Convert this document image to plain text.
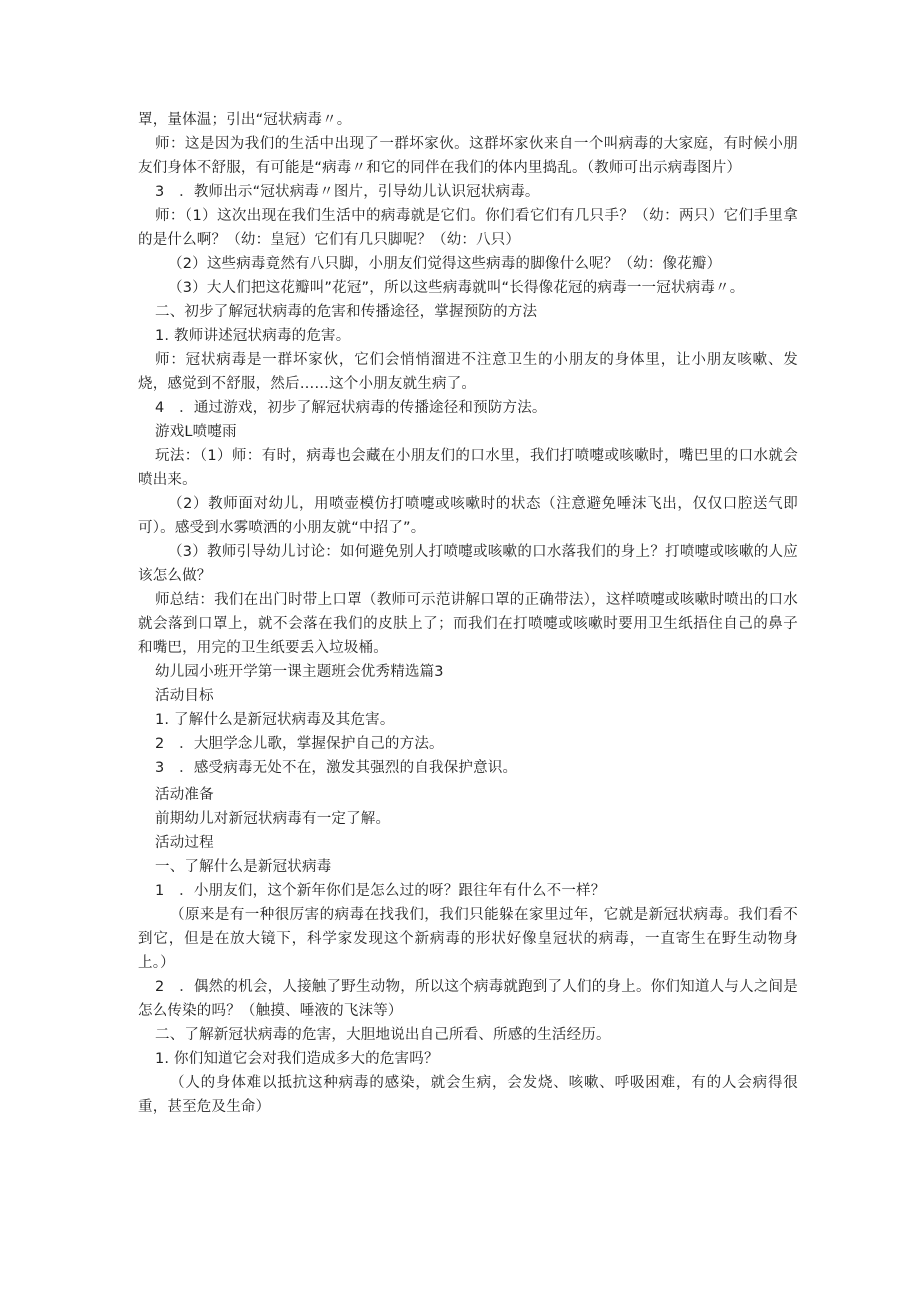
罩，量体温；引出“冠状病毒〃。

师：这是因为我们的生活中出现了一群坏家伙。这群坏家伙来自一个叫病毒的大家庭，有时候小朋友们身体不舒服，有可能是“病毒〃和它的同伴在我们的体内里捣乱。（教师可出示病毒图片）

3　．教师出示“冠状病毒〃图片，引导幼儿认识冠状病毒。

师：（1）这次出现在我们生活中的病毒就是它们。你们看它们有几只手？（幼：两只）它们手里拿的是什么啊？（幼：皇冠）它们有几只脚呢？（幼：八只）

（2）这些病毒竟然有八只脚，小朋友们觉得这些病毒的脚像什么呢？（幼：像花瓣）

（3）大人们把这花瓣叫”花冠”，所以这些病毒就叫“长得像花冠的病毒一一冠状病毒〃。

二、初步了解冠状病毒的危害和传播途径，掌握预防的方法

1. 教师讲述冠状病毒的危害。

师：冠状病毒是一群坏家伙，它们会悄悄溜进不注意卫生的小朋友的身体里，让小朋友咳嗽、发烧，感觉到不舒服，然后……这个小朋友就生病了。

4　．通过游戏，初步了解冠状病毒的传播途径和预防方法。

游戏L喷嚏雨

玩法：（1）师：有时，病毒也会藏在小朋友们的口水里，我们打喷嚏或咳嗽时，嘴巴里的口水就会喷出来。

（2）教师面对幼儿，用喷壶模仿打喷嚏或咳嗽时的状态（注意避免唾沫飞出，仅仅口腔送气即可）。感受到水雾喷洒的小朋友就“中招了”。

（3）教师引导幼儿讨论：如何避免别人打喷嚏或咳嗽的口水落我们的身上？打喷嚏或咳嗽的人应该怎么做？

师总结：我们在出门时带上口罩（教师可示范讲解口罩的正确带法），这样喷嚏或咳嗽时喷出的口水就会落到口罩上，就不会落在我们的皮肤上了；而我们在打喷嚏或咳嗽时要用卫生纸捂住自己的鼻子和嘴巴，用完的卫生纸要丢入垃圾桶。

幼儿园小班开学第一课主题班会优秀精选篇3

活动目标

1. 了解什么是新冠状病毒及其危害。

2　．大胆学念儿歌，掌握保护自己的方法。

3　．感受病毒无处不在，激发其强烈的自我保护意识。

活动准备

前期幼儿对新冠状病毒有一定了解。

活动过程

一、了解什么是新冠状病毒

1　．小朋友们，这个新年你们是怎么过的呀？跟往年有什么不一样？

（原来是有一种很厉害的病毒在找我们，我们只能躲在家里过年，它就是新冠状病毒。我们看不到它，但是在放大镜下，科学家发现这个新病毒的形状好像皇冠状的病毒，一直寄生在野生动物身上。）

2　．偶然的机会，人接触了野生动物，所以这个病毒就跑到了人们的身上。你们知道人与人之间是怎么传染的吗？（触摸、唾液的飞沫等）

二、了解新冠状病毒的危害，大胆地说出自己所看、所感的生活经历。

1. 你们知道它会对我们造成多大的危害吗？

（人的身体难以抵抗这种病毒的感染，就会生病，会发烧、咳嗽、呼吸困难，有的人会病得很重，甚至危及生命）
